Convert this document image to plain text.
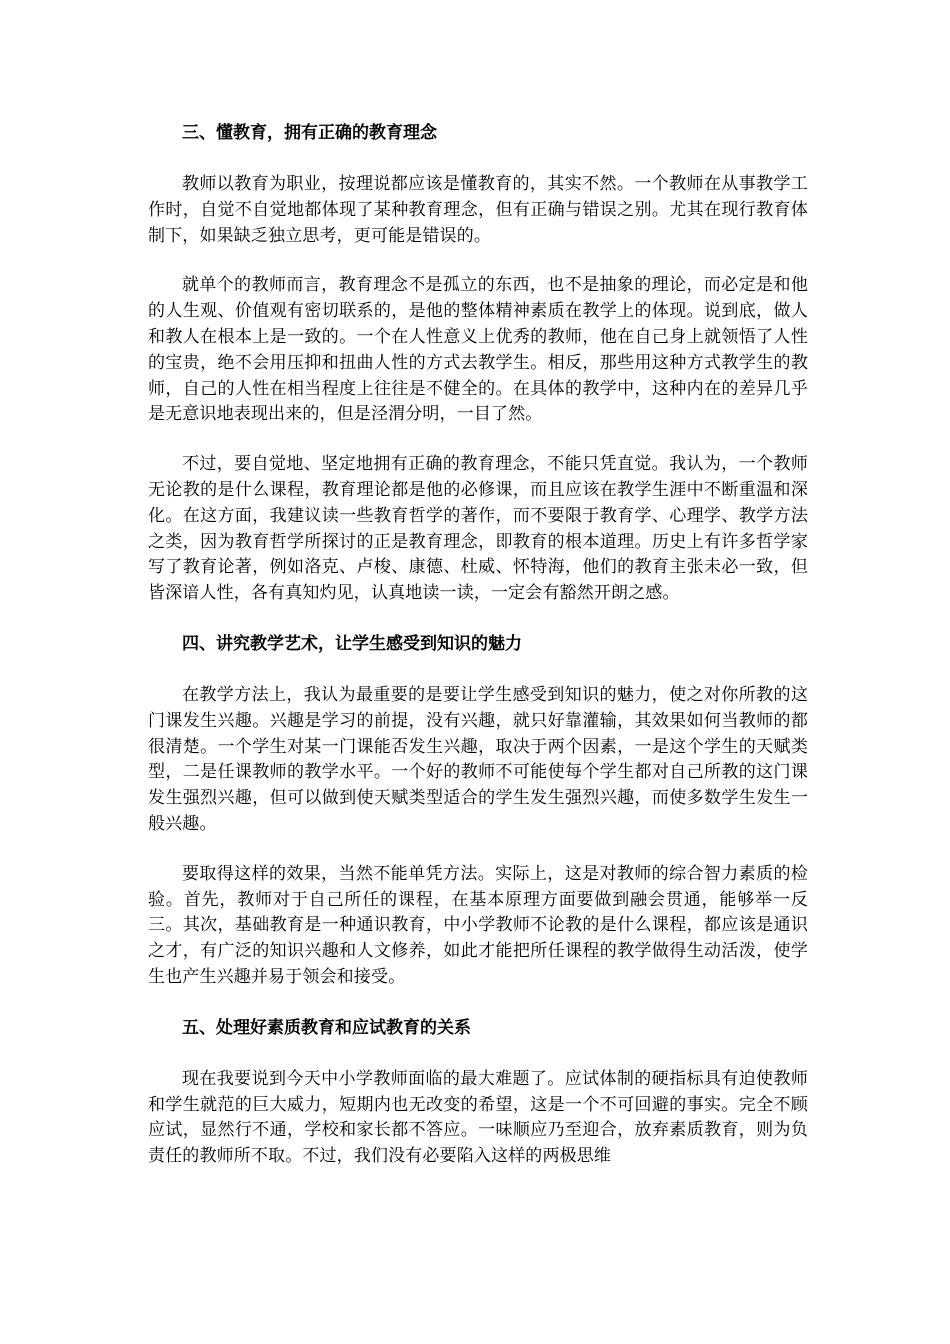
三、懂教育，拥有正确的教育理念

教师以教育为职业，按理说都应该是懂教育的，其实不然。一个教师在从事教学工作时，自觉不自觉地都体现了某种教育理念，但有正确与错误之别。尤其在现行教育体制下，如果缺乏独立思考，更可能是错误的。

就单个的教师而言，教育理念不是孤立的东西，也不是抽象的理论，而必定是和他的人生观、价值观有密切联系的，是他的整体精神素质在教学上的体现。说到底，做人和教人在根本上是一致的。一个在人性意义上优秀的教师，他在自己身上就领悟了人性的宝贵，绝不会用压抑和扭曲人性的方式去教学生。相反，那些用这种方式教学生的教师，自己的人性在相当程度上往往是不健全的。在具体的教学中，这种内在的差异几乎是无意识地表现出来的，但是泾渭分明，一目了然。

不过，要自觉地、坚定地拥有正确的教育理念，不能只凭直觉。我认为，一个教师无论教的是什么课程，教育理论都是他的必修课，而且应该在教学生涯中不断重温和深化。在这方面，我建议读一些教育哲学的著作，而不要限于教育学、心理学、教学方法之类，因为教育哲学所探讨的正是教育理念，即教育的根本道理。历史上有许多哲学家写了教育论著，例如洛克、卢梭、康德、杜威、怀特海，他们的教育主张未必一致，但皆深谙人性，各有真知灼见，认真地读一读，一定会有豁然开朗之感。

四、讲究教学艺术，让学生感受到知识的魅力

在教学方法上，我认为最重要的是要让学生感受到知识的魅力，使之对你所教的这门课发生兴趣。兴趣是学习的前提，没有兴趣，就只好靠灌输，其效果如何当教师的都很清楚。一个学生对某一门课能否发生兴趣，取决于两个因素，一是这个学生的天赋类型，二是任课教师的教学水平。一个好的教师不可能使每个学生都对自己所教的这门课发生强烈兴趣，但可以做到使天赋类型适合的学生发生强烈兴趣，而使多数学生发生一般兴趣。

要取得这样的效果，当然不能单凭方法。实际上，这是对教师的综合智力素质的检验。首先，教师对于自己所任的课程，在基本原理方面要做到融会贯通，能够举一反三。其次，基础教育是一种通识教育，中小学教师不论教的是什么课程，都应该是通识之才，有广泛的知识兴趣和人文修养，如此才能把所任课程的教学做得生动活泼，使学生也产生兴趣并易于领会和接受。

五、处理好素质教育和应试教育的关系

现在我要说到今天中小学教师面临的最大难题了。应试体制的硬指标具有迫使教师和学生就范的巨大威力，短期内也无改变的希望，这是一个不可回避的事实。完全不顾应试，显然行不通，学校和家长都不答应。一味顺应乃至迎合，放弃素质教育，则为负责任的教师所不取。不过，我们没有必要陷入这样的两极思维
